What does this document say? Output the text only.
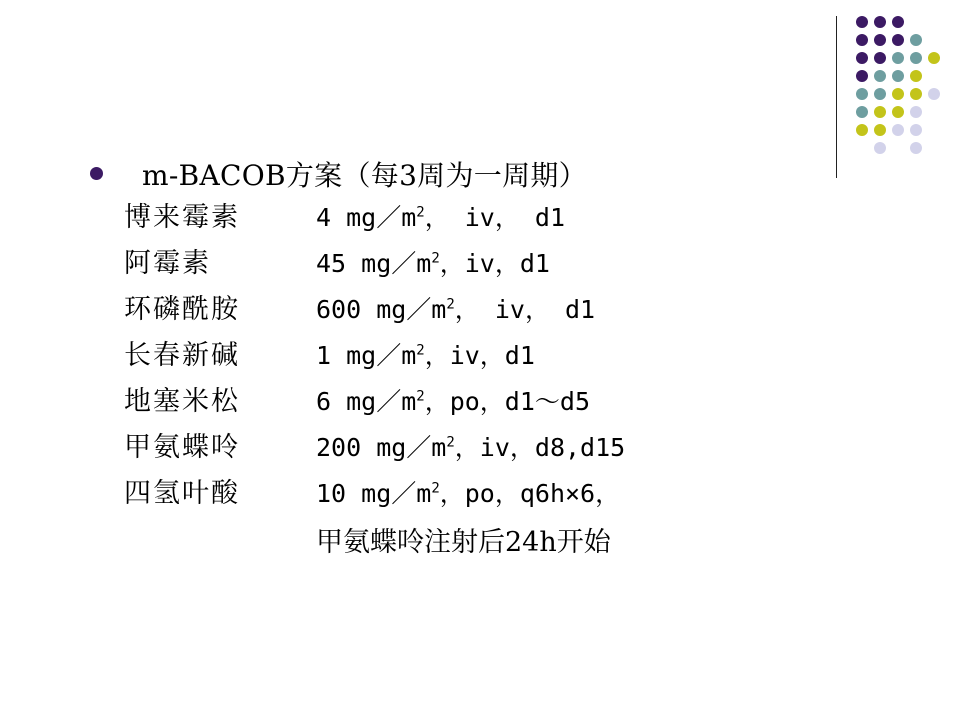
m-BACOB方案（每3周为一周期）
博来霉素	4 $mg/m^2$， iv， d1
阿霉素	45 $mg/m^2$，iv，d1
环磷酰胺	600 $mg/m^2$， iv， d1
长春新碱	1 $mg/m^2$，iv，d1
地塞米松	6 $mg/m^2$，po，d1～d5
甲氨蝶呤	200 $mg/m^2$，iv，d8,d15
四氢叶酸	10 $mg/m^2$，po，q6h×6，
甲氨蝶呤注射后24h开始
